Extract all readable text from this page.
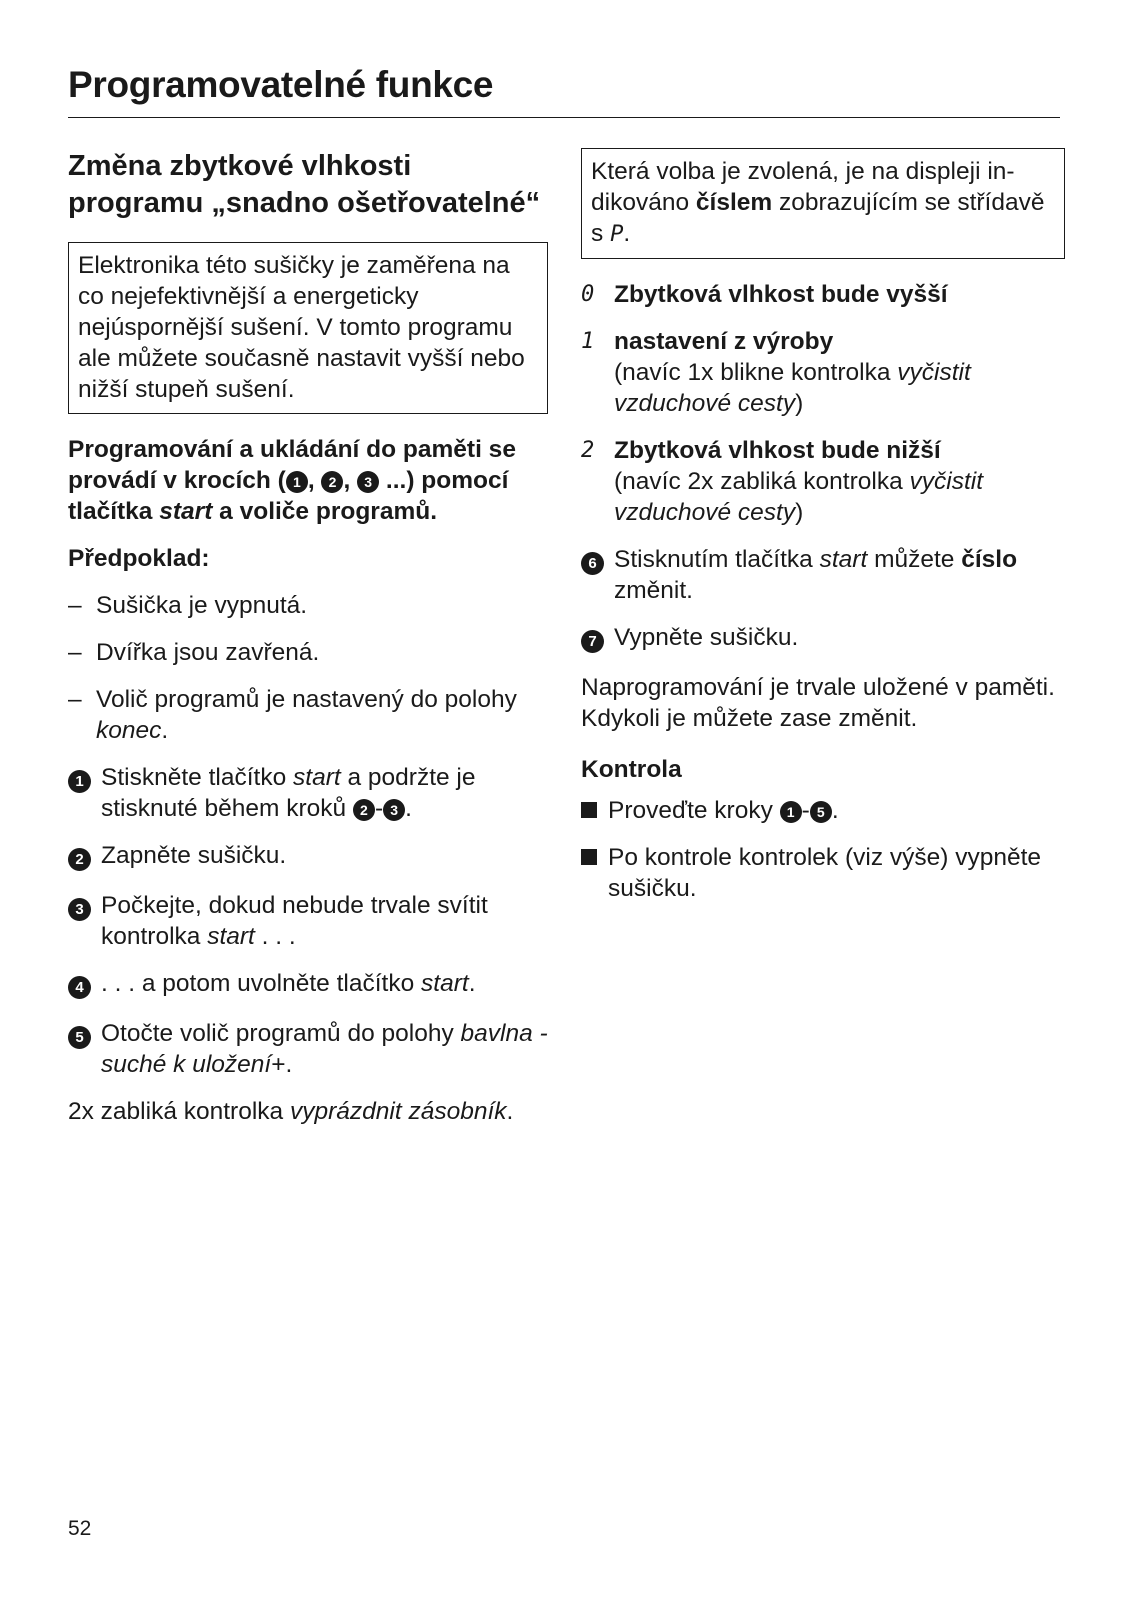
Programovatelné funkce
Změna zbytkové vlhkosti programu „snadno ošetřovatelné“
Elektronika této sušičky je zaměřena na co nejefektivnější a energeticky nejúspornější sušení. V tomto programu ale můžete současně nastavit vyšší nebo nižší stupeň sušení.

Programování a ukládání do paměti se provádí v krocích ( 1 , 2 , 3 ...) pomocí tlačítka start a voliče programů.

Předpoklad:

– Sušička je vypnutá.
– Dvířka jsou zavřená.
– Volič programů je nastavený do polohy konec.
1 Stiskněte tlačítko start a podržte je stisknuté během kroků 2 - 3 .
2 Zapněte sušičku.
3 Počkejte, dokud nebude trvale svítit kontrolka start . . .
4 . . . a potom uvolněte tlačítko start.
5 Otočte volič programů do polohy bavlna - suché k uložení+.

2x zabliká kontrolka vyprázdnit zásobník.

Která volba je zvolená, je na displeji indikováno číslem zobrazujícím se střídavě s P.
0 Zbytková vlhkost bude vyšší
1 nastavení z výroby
(navíc 1x blikne kontrolka vyčistit vzduchové cesty)
2 Zbytková vlhkost bude nižší
(navíc 2x zabliká kontrolka vyčistit vzduchové cesty)
6 Stisknutím tlačítka start můžete číslo změnit.
7 Vypněte sušičku.

Naprogramování je trvale uložené v paměti. Kdykoli je můžete zase změnit.

Kontrola

Proveďte kroky 1 - 5 .
Po kontrole kontrolek (viz výše) vypněte sušičku.
52
